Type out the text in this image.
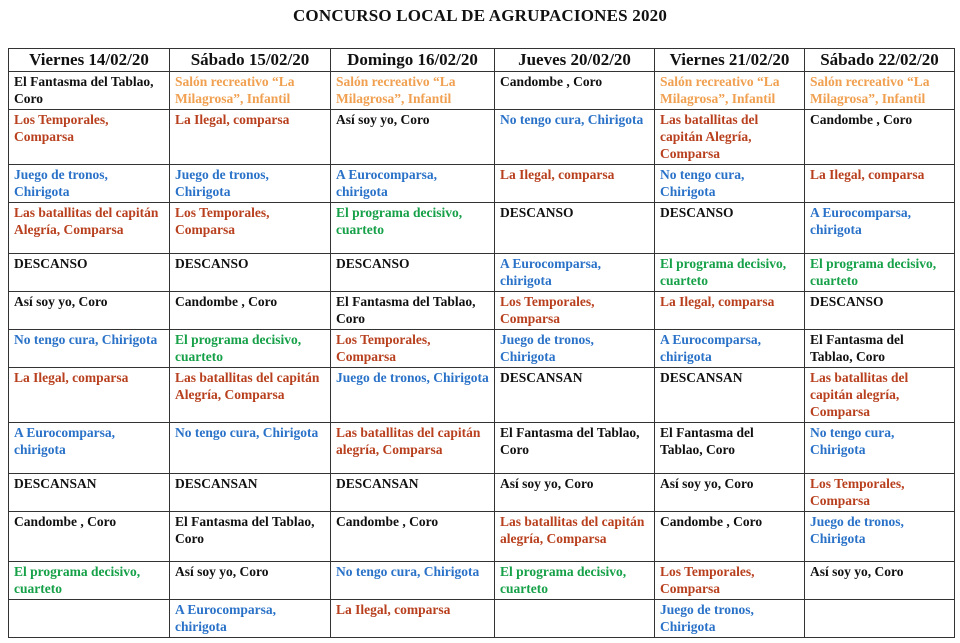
CONCURSO LOCAL DE AGRUPACIONES 2020
Viernes 14/02/20	Sábado 15/02/20	Domingo 16/02/20	Jueves 20/02/20	Viernes 21/02/20	Sábado 22/02/20
El Fantasma del Tablao, Coro	Salón recreativo “La Milagrosa”, Infantil	Salón recreativo “La Milagrosa”, Infantil	Candombe , Coro	Salón recreativo “La Milagrosa”, Infantil	Salón recreativo “La Milagrosa”, Infantil
Los Temporales, Comparsa	La Ilegal, comparsa	Así soy yo, Coro	No tengo cura, Chirigota	Las batallitas del capitán Alegría, Comparsa	Candombe , Coro
Juego de tronos, Chirigota	Juego de tronos, Chirigota	A Eurocomparsa, chirigota	La Ilegal, comparsa	No tengo cura, Chirigota	La Ilegal, comparsa
Las batallitas del capitán Alegría, Comparsa	Los Temporales, Comparsa	El programa decisivo, cuarteto	DESCANSO	DESCANSO	A Eurocomparsa, chirigota
DESCANSO	DESCANSO	DESCANSO	A Eurocomparsa, chirigota	El programa decisivo, cuarteto	El programa decisivo, cuarteto
Así soy yo, Coro	Candombe , Coro	El Fantasma del Tablao, Coro	Los Temporales, Comparsa	La Ilegal, comparsa	DESCANSO
No tengo cura, Chirigota	El programa decisivo, cuarteto	Los Temporales, Comparsa	Juego de tronos, Chirigota	A Eurocomparsa, chirigota	El Fantasma del Tablao, Coro
La Ilegal, comparsa	Las batallitas del capitán Alegría, Comparsa	Juego de tronos, Chirigota	DESCANSAN	DESCANSAN	Las batallitas del capitán alegría, Comparsa
A Eurocomparsa, chirigota	No tengo cura, Chirigota	Las batallitas del capitán alegría, Comparsa	El Fantasma del Tablao, Coro	El Fantasma del Tablao, Coro	No tengo cura, Chirigota
DESCANSAN	DESCANSAN	DESCANSAN	Así soy yo, Coro	Así soy yo, Coro	Los Temporales, Comparsa
Candombe , Coro	El Fantasma del Tablao, Coro	Candombe , Coro	Las batallitas del capitán alegría, Comparsa	Candombe , Coro	Juego de tronos, Chirigota
El programa decisivo, cuarteto	Así soy yo, Coro	No tengo cura, Chirigota	El programa decisivo, cuarteto	Los Temporales, Comparsa	Así soy yo, Coro
	A Eurocomparsa, chirigota	La Ilegal, comparsa		Juego de tronos, Chirigota	
